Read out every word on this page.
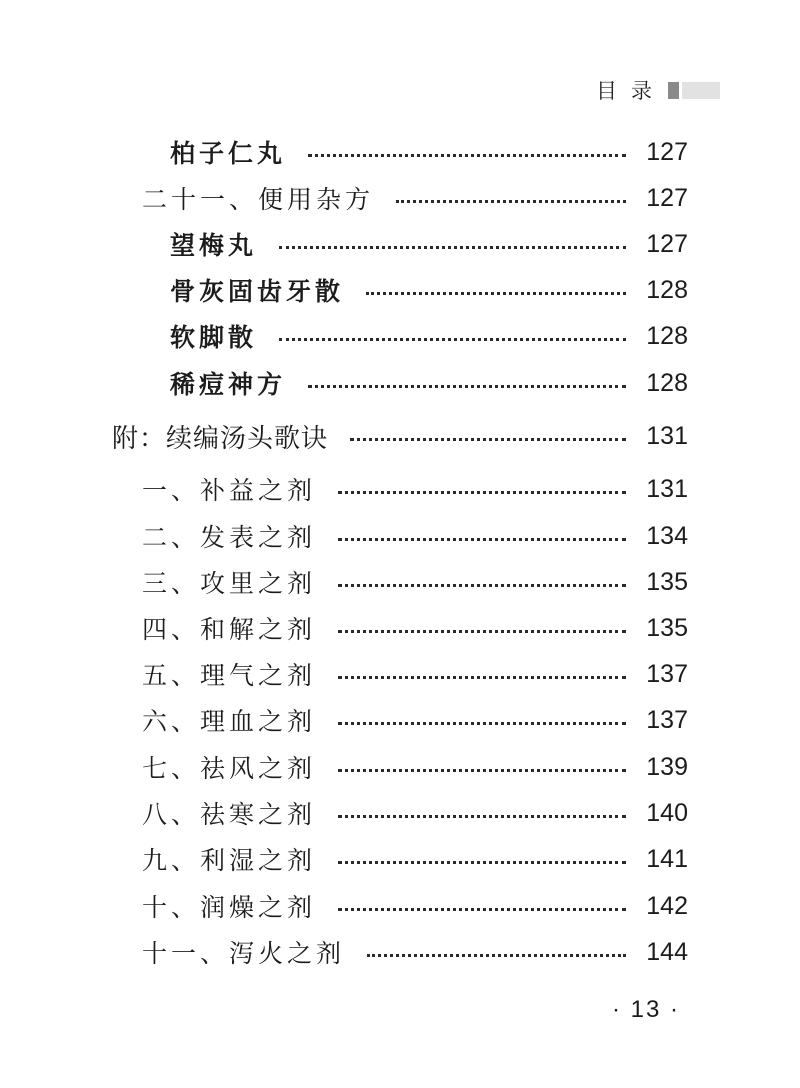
目录
柏子仁丸	127
二十一、便用杂方	127
望梅丸	127
骨灰固齿牙散	128
软脚散	128
稀痘神方	128
附：续编汤头歌诀	131
一、补益之剂	131
二、发表之剂	134
三、攻里之剂	135
四、和解之剂	135
五、理气之剂	137
六、理血之剂	137
七、祛风之剂	139
八、祛寒之剂	140
九、利湿之剂	141
十、润燥之剂	142
十一、泻火之剂	144
· 13 ·
